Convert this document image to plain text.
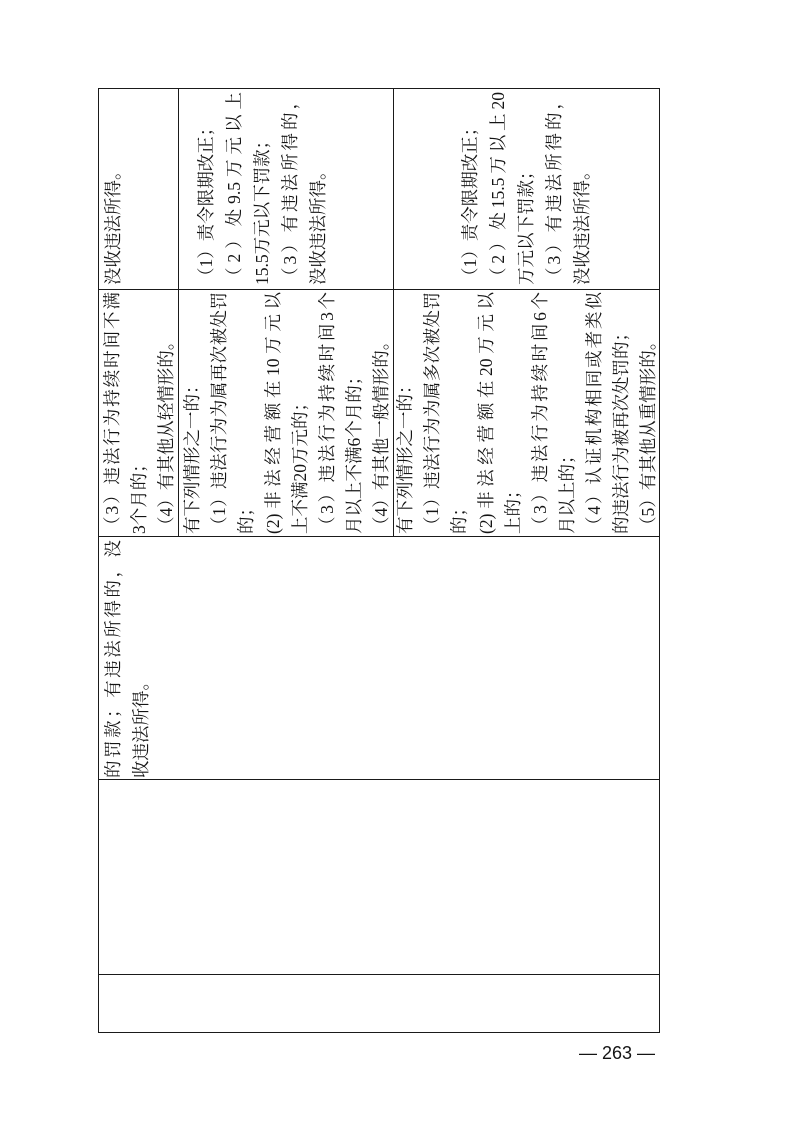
的罚款；有违法所得的，没 收违法所得。
（3）违法行为持续时间不满 3个月的； （4）有其他从轻情形的。
没收违法所得。
有下列情形之一的： （1）违法行为为属再次被处罚 的； (2)非法经营额在10万元以 上不满20万元的； （3）违法行为持续时间3个 月以上不满6个月的； （4）有其他一般情形的。
（1）责令限期改正； （2）处9.5万元以上 15.5万元以下罚款； （3）有违法所得的， 没收违法所得。
有下列情形之一的： （1）违法行为为属多次被处罚 的； (2)非法经营额在20万元以 上的； （3）违法行为持续时间6个 月以上的； （4）认证机构相同或者类似 的违法行为被再次处罚的； （5）有其他从重情形的。
（1）责令限期改正； （2）处15.5万以上20 万元以下罚款； （3）有违法所得的， 没收违法所得。
— 263 —
